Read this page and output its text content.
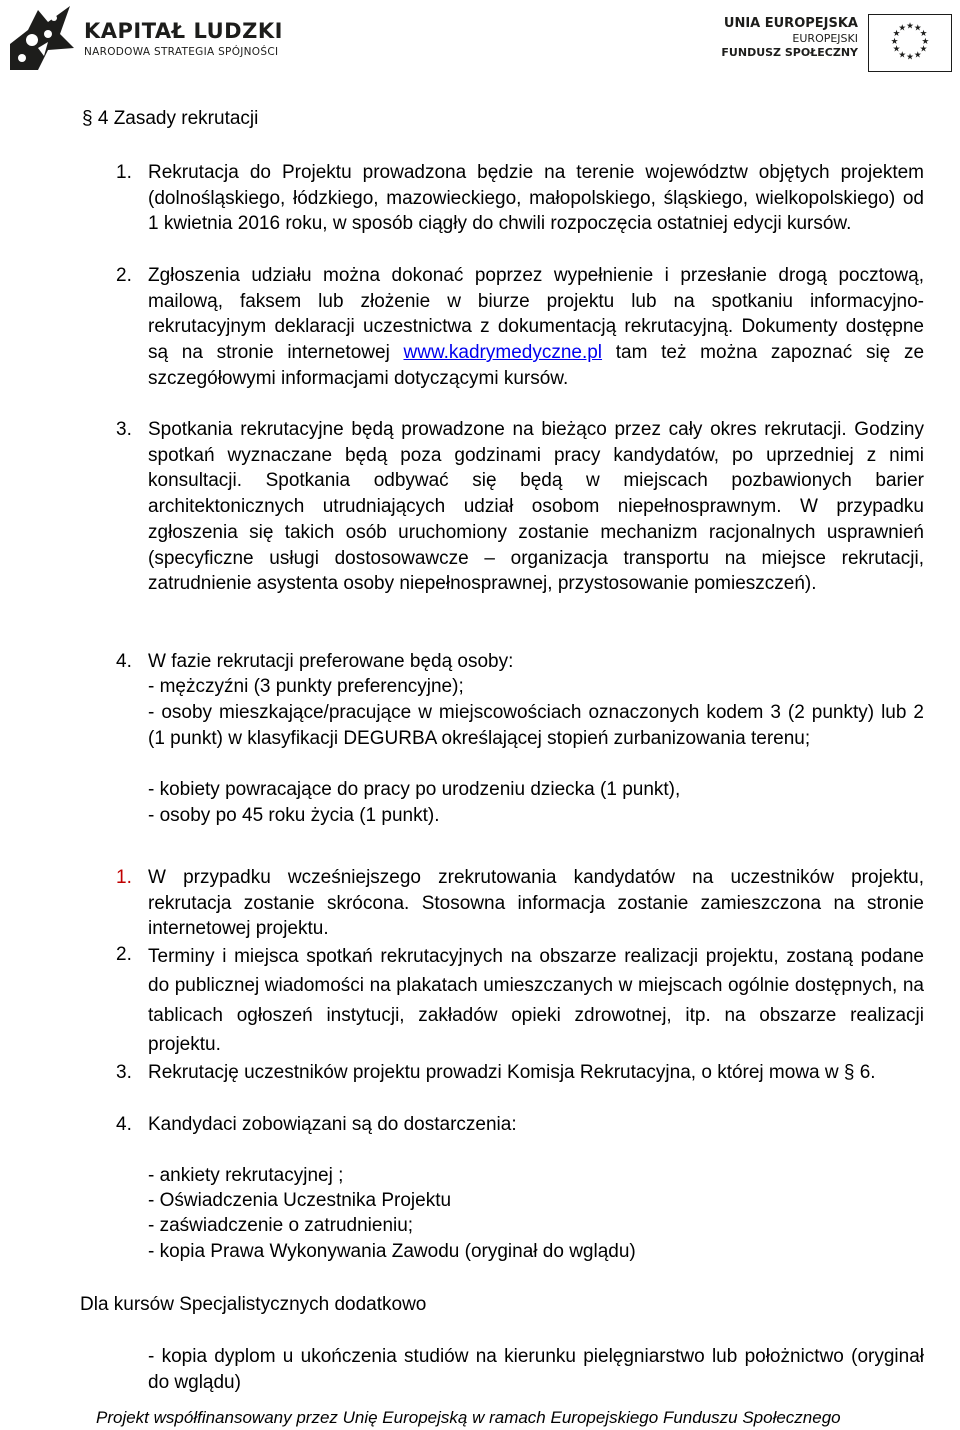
KAPITAŁ LUDZKI
NARODOWA STRATEGIA SPÓJNOŚCI
UNIA EUROPEJSKA
EUROPEJSKI
FUNDUSZ SPOŁECZNY
★ ★
★
★
★
★
★
★
★
★
★
★
§ 4 Zasady rekrutacji
1. Rekrutacja do Projektu prowadzona będzie na terenie województw objętych projektem (dolnośląskiego, łódzkiego, mazowieckiego, małopolskiego, śląskiego, wielkopolskiego) od 1 kwietnia 2016 roku, w sposób ciągły do chwili rozpoczęcia ostatniej edycji kursów.
2. Zgłoszenia udziału można dokonać poprzez wypełnienie i przesłanie drogą pocztową, mailową, faksem lub złożenie w biurze projektu lub na spotkaniu informacyjno-rekrutacyjnym deklaracji uczestnictwa z dokumentacją rekrutacyjną. Dokumenty dostępne są na stronie internetowej www.kadrymedyczne.pl tam też można zapoznać się ze szczegółowymi informacjami dotyczącymi kursów.
3. Spotkania rekrutacyjne będą prowadzone na bieżąco przez cały okres rekrutacji. Godziny spotkań wyznaczane będą poza godzinami pracy kandydatów, po uprzedniej z nimi konsultacji. Spotkania odbywać się będą w miejscach pozbawionych barier architektonicznych utrudniających udział osobom niepełnosprawnym. W przypadku zgłoszenia się takich osób uruchomiony zostanie mechanizm racjonalnych usprawnień (specyficzne usługi dostosowawcze – organizacja transportu na miejsce rekrutacji, zatrudnienie asystenta osoby niepełnosprawnej, przystosowanie pomieszczeń).
4. W fazie rekrutacji preferowane będą osoby:
- mężczyźni (3 punkty preferencyjne);
- osoby mieszkające/pracujące w miejscowościach oznaczonych kodem 3 (2 punkty) lub 2 (1 punkt) w klasyfikacji DEGURBA określającej stopień zurbanizowania terenu;
- kobiety powracające do pracy po urodzeniu dziecka (1 punkt),
- osoby po 45 roku życia (1 punkt).
1. W przypadku wcześniejszego zrekrutowania kandydatów na uczestników projektu, rekrutacja zostanie skrócona. Stosowna informacja zostanie zamieszczona na stronie internetowej projektu.
2. Terminy i miejsca spotkań rekrutacyjnych na obszarze realizacji projektu, zostaną podane do publicznej wiadomości na plakatach umieszczanych w miejscach ogólnie dostępnych, na tablicach ogłoszeń instytucji, zakładów opieki zdrowotnej, itp. na obszarze realizacji projektu.
3. Rekrutację uczestników projektu prowadzi Komisja Rekrutacyjna, o której mowa w § 6.
4. Kandydaci zobowiązani są do dostarczenia:
- ankiety rekrutacyjnej ;
- Oświadczenia Uczestnika Projektu
- zaświadczenie o zatrudnieniu;
- kopia Prawa Wykonywania Zawodu (oryginał do wglądu)
Dla kursów Specjalistycznych dodatkowo
- kopia dyplom u ukończenia studiów na kierunku pielęgniarstwo lub położnictwo (oryginał do wglądu)
Projekt współfinansowany przez Unię Europejską w ramach Europejskiego Funduszu Społecznego
